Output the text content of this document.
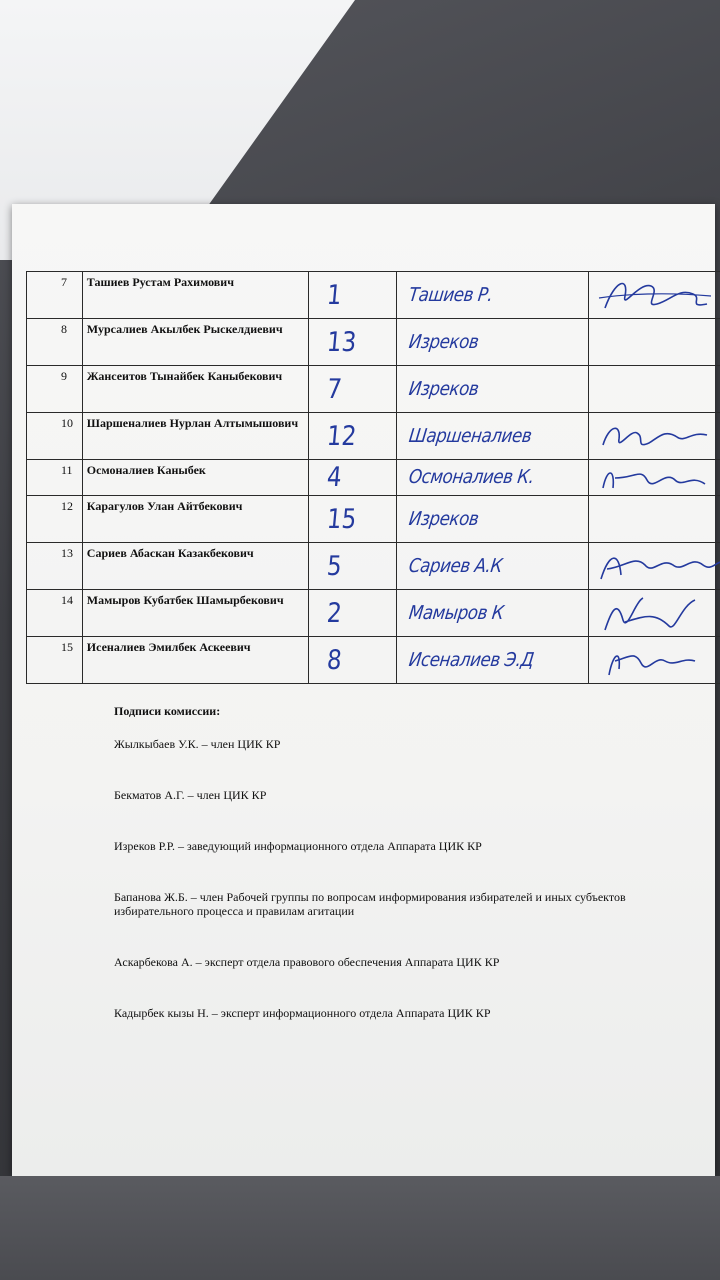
7	Ташиев Рустам Рахимович	1	Ташиев Р.

8	Мурсалиев Акылбек Рыскелдиевич	13	Изреков	

9	Жансеитов Тынайбек Каныбекович	7	Изреков	

10	Шаршеналиев Нурлан Алтымышович	12	Шаршеналиев

11	Осмоналиев Каныбек	4	Осмоналиев К.

12	Карагулов Улан Айтбекович	15	Изреков	

13	Сариев Абаскан Казакбекович	5	Сариев А.К

14	Мамыров Кубатбек Шамырбекович	2	Мамыров К

15	Исеналиев Эмилбек Аскеевич	8	Исеналиев Э.Д

Подписи комиссии:
Жылкыбаев У.К. – член ЦИК КР
Бекматов А.Г. – член ЦИК КР
Изреков Р.Р. – заведующий информационного отдела Аппарата ЦИК КР
Бапанова Ж.Б. – член Рабочей группы по вопросам информирования избирателей и иных субъектов избирательного процесса и правилам агитации
Аскарбекова А. – эксперт отдела правового обеспечения Аппарата ЦИК КР
Кадырбек кызы Н. – эксперт информационного отдела Аппарата ЦИК КР
